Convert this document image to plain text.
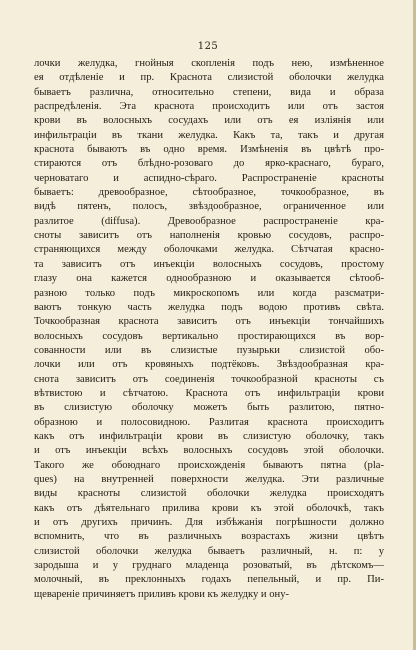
125
лочки желудка, гнойныя скопленія подъ нею, измѣненное
ея отдѣленіе и пр. Краснота слизистой оболочки желудка
бываетъ различна, относительно степени, вида и образа
распредѣленія. Эта краснота происходитъ или отъ застоя
крови въ волосныхъ сосудахъ или отъ ея изліянія или
инфильтраціи въ ткани желудка. Какъ та, такъ и другая
краснота бываютъ въ одно время. Измѣненія въ цвѣтѣ про-
стираются отъ блѣдно-розоваго до ярко-краснаго, бураго,
черноватаго и аспидно-сѣраго. Распространеніе красноты
бываетъ: древообразное, сѣтообразное, точкообразное, въ
видѣ пятенъ, полосъ, звѣздообразное, ограниченное или
разлитое (diffusa). Древообразное распространеніе кра-
сноты зависитъ отъ наполненія кровью сосудовъ, распро-
страняющихся между оболочками желудка. Сѣтчатая красно-
та зависитъ отъ инъекціи волосныхъ сосудовъ, простому
глазу она кажется однообразною и оказывается сѣтооб-
разною только подъ микроскопомъ или когда разсматри-
ваютъ тонкую часть желудка подъ водою противъ свѣта.
Точкообразная краснота зависитъ отъ инъекціи тончайшихъ
волосныхъ сосудовъ вертикально простирающихся въ вор-
сованности или въ слизистые пузырьки слизистой обо-
лочки или отъ кровяныхъ подтёковъ. Звѣздообразная кра-
снота зависитъ отъ соединенія точкообразной красноты съ
вѣтвистою и сѣтчатою. Краснота отъ инфильтраціи крови
въ слизистую оболочку можетъ быть разлитою, пятно-
образною и полосовидною. Разлитая краснота происходитъ
какъ отъ инфильтраціи крови въ слизистую оболочку, такъ
и отъ инъекціи всѣхъ волосныхъ сосудовъ этой оболочки.
Такого же обоюднаго происхожденія бываютъ пятна (pla-
ques) на внутренней поверхности желудка. Эти различные
виды красноты слизистой оболочки желудка происходятъ
какъ отъ дѣятельнаго прилива крови къ этой оболочкѣ, такъ
и отъ другихъ причинъ. Для избѣжанія погрѣшности должно
вспомнить, что въ различныхъ возрастахъ жизни цвѣтъ
слизистой оболочки желудка бываетъ различный, н. п: у
зародыша и у груднаго младенца розоватый, въ дѣтскомъ—
молочный, въ преклонныхъ годахъ пепельный, и пр. Пи-
щевареніе причиняетъ приливъ крови къ желудку и ону-
